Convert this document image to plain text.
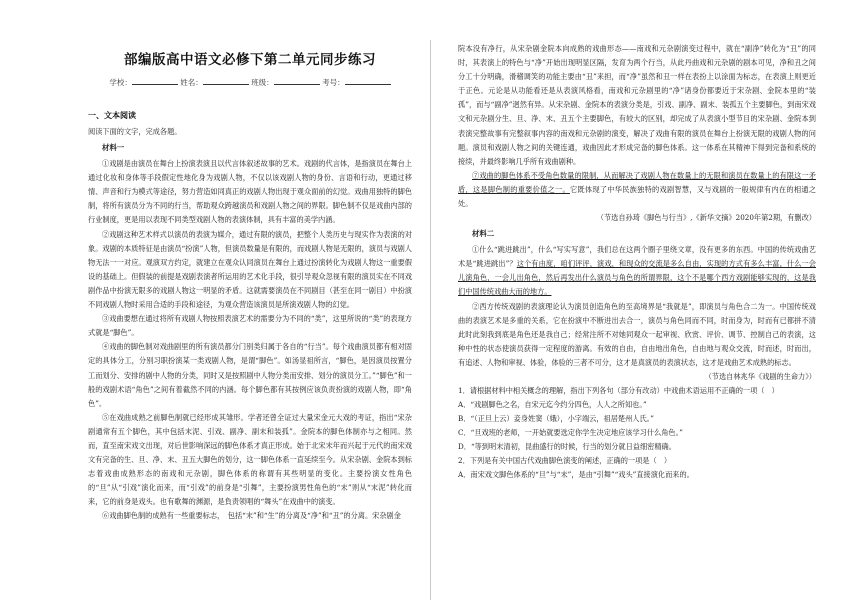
部编版高中语文必修下第二单元同步练习
学校：	姓名：	班级：	考号：
一、文本阅读

阅读下面的文字，完成各题。

材料一

①戏剧是由演员在舞台上扮演表演且以代言体叙述故事的艺术。戏剧的代言体，是指演员在舞台上通过化妆和身体等手段假定性地化身为戏剧人物，不仅以该戏剧人物的身份、言语和行动，更通过移情、声音和行为模式等途径，努力营造如同真正的戏剧人物出现于观众面前的幻觉。戏曲用独特的脚色制，将所有演员分为不同的行当，帮助观众跨越演员和戏剧人物之间的界限。脚色制不仅是戏曲内部的行业制度，更是用以表现不同类型戏剧人物的表演体制，具有丰富的美学内涵。

②戏剧这种艺术样式以演员的表演为媒介，通过有限的演员，把整个人类历史与现实作为表演的对象。戏剧的本质特征是由演员“扮演”人物，但演员数量是有限的，而戏剧人物是无限的，演员与戏剧人物无法一一对应。观演双方约定，就建立在观众认同演员在舞台上通过扮演转化为戏剧人物这一重要假设的基础上。但假装的前提是戏剧表演者所运用的艺术化手段，很引导观众忽视有限的演员实在不同戏剧作品中扮演无限多的戏剧人物这一明显的矛盾。这就需要演员在不同剧目（甚至在同一剧目）中扮演不同戏剧人物时采用合适的手段和途径，为观众营造该演员是所演戏剧人物的幻觉。

③戏曲要想在通过将所有戏剧人物按照表演艺术的需要分为不同的“类”，这里所说的“类”的表现方式就是“脚色”。

④戏曲的脚色制对戏曲剧里的所有演员都分门别类归属于各自的“行当”。每个戏曲演员都有相对固定的具体分工，分别习职扮演某一类戏剧人物，是谓“脚色”。如汤显祖所言，“脚色，是因演员按置分工而划分、安排的剧中人物的分类，同时又是按照剧中人物分类而安排、划分的演员分工。”“脚色”和一般的戏剧术语“角色”之间有着截然不同的内涵。每个脚色都有其按例应该负责扮演的戏剧人物，即“角色”。

⑤在戏曲成熟之前脚色制就已经形成其雏形。学者还曾全证过大量宋金元大戏的考证，指出“宋杂剧通常有五个脚色，其中包括末泥、引戏、副净、副末和装孤”。金院本的脚色体制亦与之相同。然而，直至南宋戏文出现，对后世影响深远的脚色体系才真正形成。始于北宋末年而兴起于元代的南宋戏文有完备的生、旦、净、末、丑五大脚色的划分，这一脚色体系一直延续至今。从宋杂剧、金院本到标志着戏曲成熟形态的南戏和元杂剧，脚色体系的称谓有其些明显的变化。主要扮演女性角色的“旦”从“引戏”演化而来，而“引戏”的前身是“引舞”，主要扮演男性角色的“末”则从“末泥”转化而来，它的前身是戏头。也有歌舞的渊源，是負责领唱的“舞头”在戏曲中的演变。

⑥戏曲脚色制的成熟有一些重要标志，　包括“末”和“生”的分离及“净”和“丑”的分离。宋杂剧金

院本没有净行，从宋杂剧金院本向成熟的戏曲形态——南戏和元杂剧演变过程中，就在“副净”转化为“丑”的同时，其表演上的特色与“净”开始出现明显区隔，发育为两个行当，从此丹曲戏和元杂剧的剧本可见，净和丑之间分工十分明确，滑稽调笑的功能主要由“丑”来担，而“净”虽然和丑一样在表扮上以涂面为标志，在表演上则更近于正色。元论是从功能看还是从表演风格看，南戏和元杂剧里的“净”诸身份都要近于宋杂剧、金院本里的“装孤”，而与“副净”迥然有异。从宋杂剧、金院本的表演分类是，引戏、副净、副末、装孤五个主要脚色，到南宋戏文和元杂剧分生、旦、净、末、丑五个主要脚色，有较大的区别，却完成了从表演小型节目的宋杂剧、金院本到表演完整故事有完整叙事内容的南戏和元杂剧的演变，解决了戏曲有限的演员在舞台上扮演无限的戏剧人物的问题。演员和戏剧人物之间的关键连通，戏曲因此才形成完备的脚色体系。这一体系在其精神下得到完备和系统的接续，并最终影响几乎所有戏曲剧种。

⑦戏曲的脚色体系不受角色数量的限制，从而解决了戏剧人物在数量上的无限和演员在数量上的有限这一矛盾，这是脚色制的重要价值之一。它既体现了中华民族独特的戏剧智慧，又与戏剧的一般规律有内在的相通之处。

（节选自孙琦《脚色与行当》,《新华文摘》2020年第2期，有删改）

材料二

①什么“跳进跳出”，什么“写实写意”，我们总在这两个圈子里绕文章，没有更多的东西。中国的传统戏曲艺术是“跳进跳出”？这个有由度，咱们评评，演戏，和现众的交流是多么自由，实现的方式有多么丰富，什么一会儿演角色，一会儿出角色，然后再发出什么演员与角色的所谓界限，这个不是哪个西方戏剧能够实现的，这是我们中国传统戏曲大而的地方。

②西方传统戏剧的表演理论认为演员创造角色的至高境界是“我就是”，即演员与角色合二为一。中国传统戏曲的表演艺术是多重的关系，它在扮演中不断进出去合一，演员与角色同而不同，时而身为，时而有已都拼不清此时此刻我到底是角色还是我自己；经常注所不对她同观众一起审视、欣赏、评价、调节、控制自己的表演，这种中性的状态使演员获得一定程度的游离。有效的自由，自由地出角色，自由地与观众交流，时而述，时而出，有追述、人物和审视、体验，体验的三者不可分，这才是真演员的表演状态，这才是戏曲艺术成熟的标志。

（节选自林兆华《戏剧的生命力》）

1．请根据材料中相关概念的理解，指出下列各句（部分有改动）中戏曲术语运用不正确的一项（　）

A．“戏剧脚色之名，自宋元迄今约分四色，人人之所知也。”

B．“（正旦上云）妾身姓窦（娥），小字端云，祖居楚州人氏。”

C．“旦戏班的老师，一开始就要选定你学生决定地应该学习什么角色。”

D．“等到明末清初，昆曲盛行的时候，行当的划分就日益细密精确。

2．下列是有关中国古代戏曲脚色演变的阐述，正确的一项是（　）

A．南宋戏文脚色体系的“旦”与“末”，是由“引舞”“戏头”直接演化而来的。
